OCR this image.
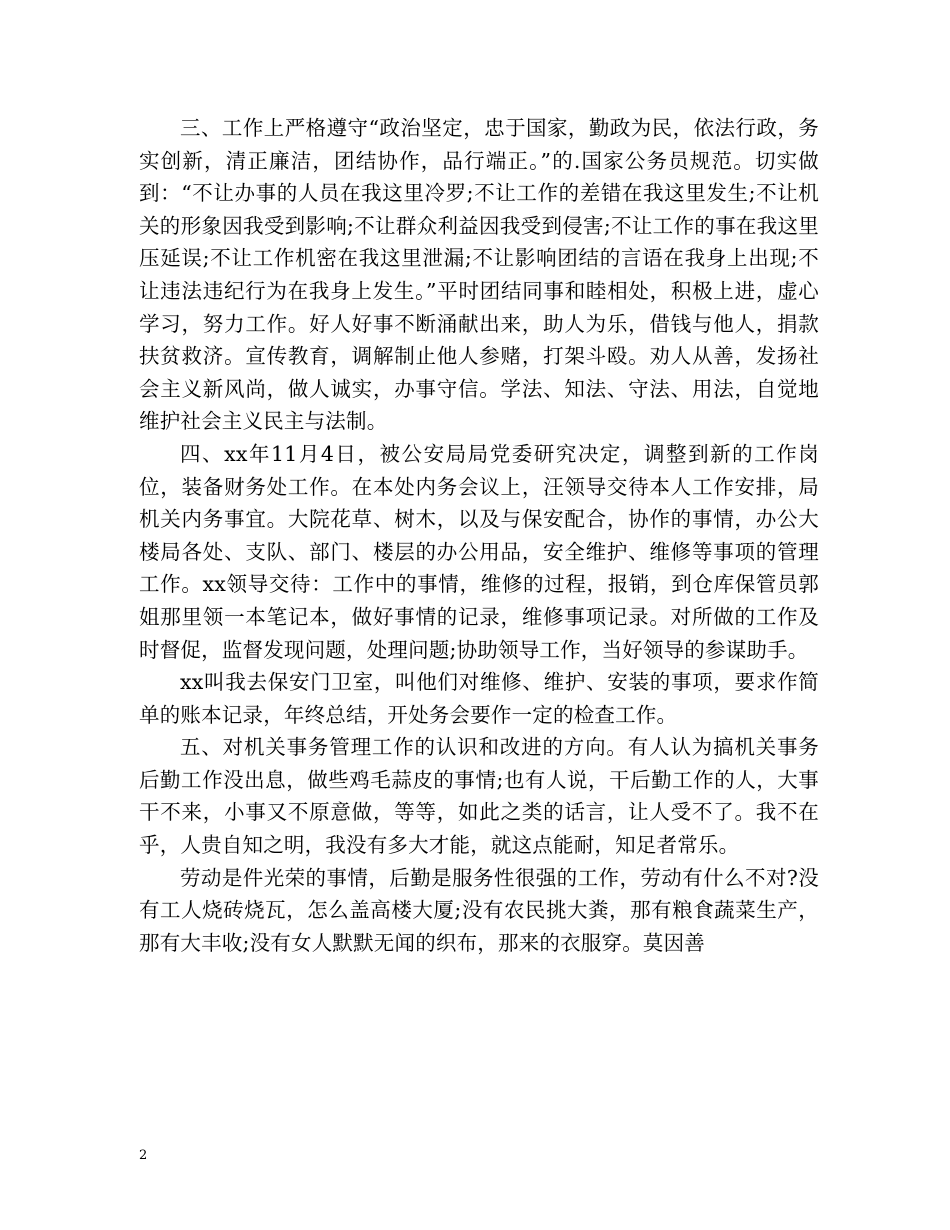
三、工作上严格遵守“政治坚定，忠于国家，勤政为民，依法行政，务实创新，清正廉洁，团结协作，品行端正。”的.国家公务员规范。切实做到：“不让办事的人员在我这里冷罗;不让工作的差错在我这里发生;不让机关的形象因我受到影响;不让群众利益因我受到侵害;不让工作的事在我这里压延误;不让工作机密在我这里泄漏;不让影响团结的言语在我身上出现;不让违法违纪行为在我身上发生。”平时团结同事和睦相处，积极上进，虚心学习，努力工作。好人好事不断涌献出来，助人为乐，借钱与他人，捐款扶贫救济。宣传教育，调解制止他人参赌，打架斗殴。劝人从善，发扬社会主义新风尚，做人诚实，办事守信。学法、知法、守法、用法，自觉地维护社会主义民主与法制。

四、xx年11月4日，被公安局局党委研究决定，调整到新的工作岗位，装备财务处工作。在本处内务会议上，汪领导交待本人工作安排，局机关内务事宜。大院花草、树木，以及与保安配合，协作的事情，办公大楼局各处、支队、部门、楼层的办公用品，安全维护、维修等事项的管理工作。xx领导交待：工作中的事情，维修的过程，报销，到仓库保管员郭姐那里领一本笔记本，做好事情的记录，维修事项记录。对所做的工作及时督促，监督发现问题，处理问题;协助领导工作，当好领导的参谋助手。

xx叫我去保安门卫室，叫他们对维修、维护、安装的事项，要求作简单的账本记录，年终总结，开处务会要作一定的检查工作。

五、对机关事务管理工作的认识和改进的方向。有人认为搞机关事务后勤工作没出息，做些鸡毛蒜皮的事情;也有人说，干后勤工作的人，大事干不来，小事又不原意做，等等，如此之类的话言，让人受不了。我不在乎，人贵自知之明，我没有多大才能，就这点能耐，知足者常乐。

劳动是件光荣的事情，后勤是服务性很强的工作，劳动有什么不对?没有工人烧砖烧瓦，怎么盖高楼大厦;没有农民挑大粪，那有粮食蔬菜生产，那有大丰收;没有女人默默无闻的织布，那来的衣服穿。莫因善

2
